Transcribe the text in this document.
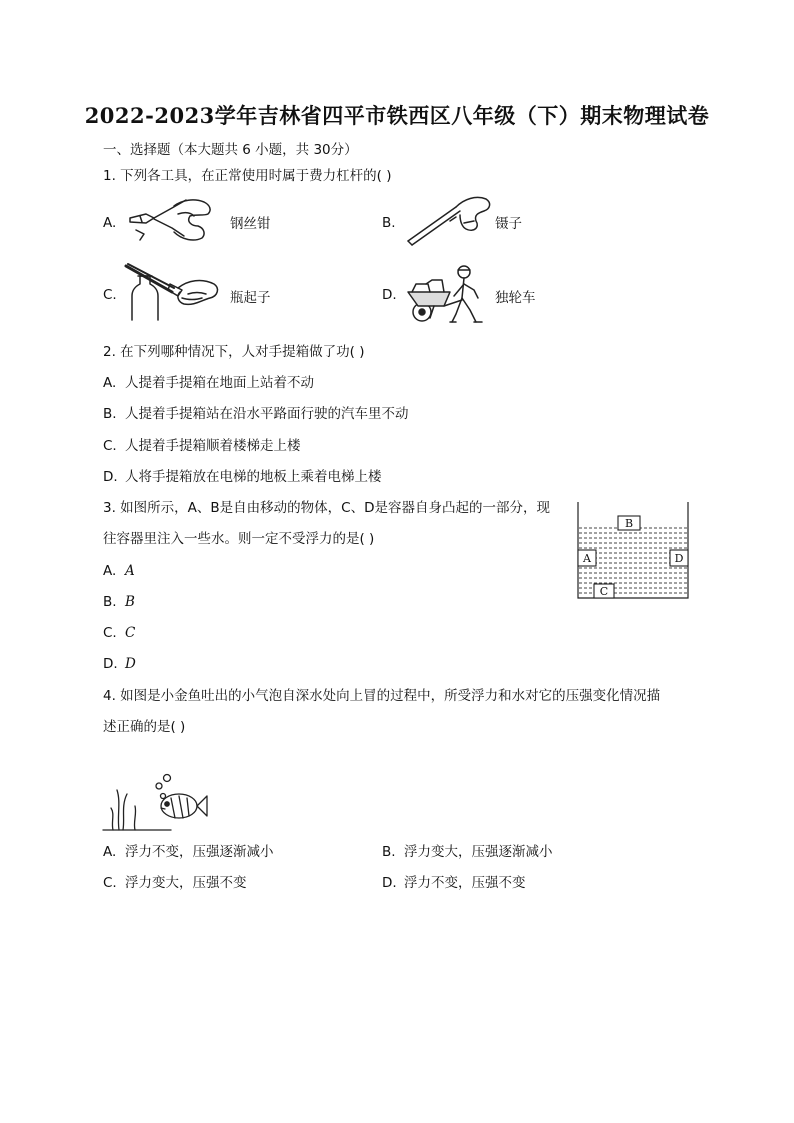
2022-2023学年吉林省四平市铁西区八年级（下）期末物理试卷
一、选择题（本大题共 6 小题，共 30分）
1. 下列各工具，在正常使用时属于费力杠杆的( )
A.	钢丝钳	B.	镊子
C.	瓶起子	D.	独轮车
2. 在下列哪种情况下，人对手提箱做了功( )
A. 人提着手提箱在地面上站着不动
B. 人提着手提箱站在沿水平路面行驶的汽车里不动
C. 人提着手提箱顺着楼梯走上楼
D. 人将手提箱放在电梯的地板上乘着电梯上楼
3. 如图所示，A、B是自由移动的物体，C、D是容器自身凸起的一部分，现
往容器里注入一些水。则一定不受浮力的是( )
A. A
B. B
C. C
D. D
B
A	D
C
4. 如图是小金鱼吐出的小气泡自深水处向上冒的过程中，所受浮力和水对它的压强变化情况描
述正确的是( )
A. 浮力不变，压强逐渐减小	B. 浮力变大，压强逐渐减小
C. 浮力变大，压强不变	D. 浮力不变，压强不变
